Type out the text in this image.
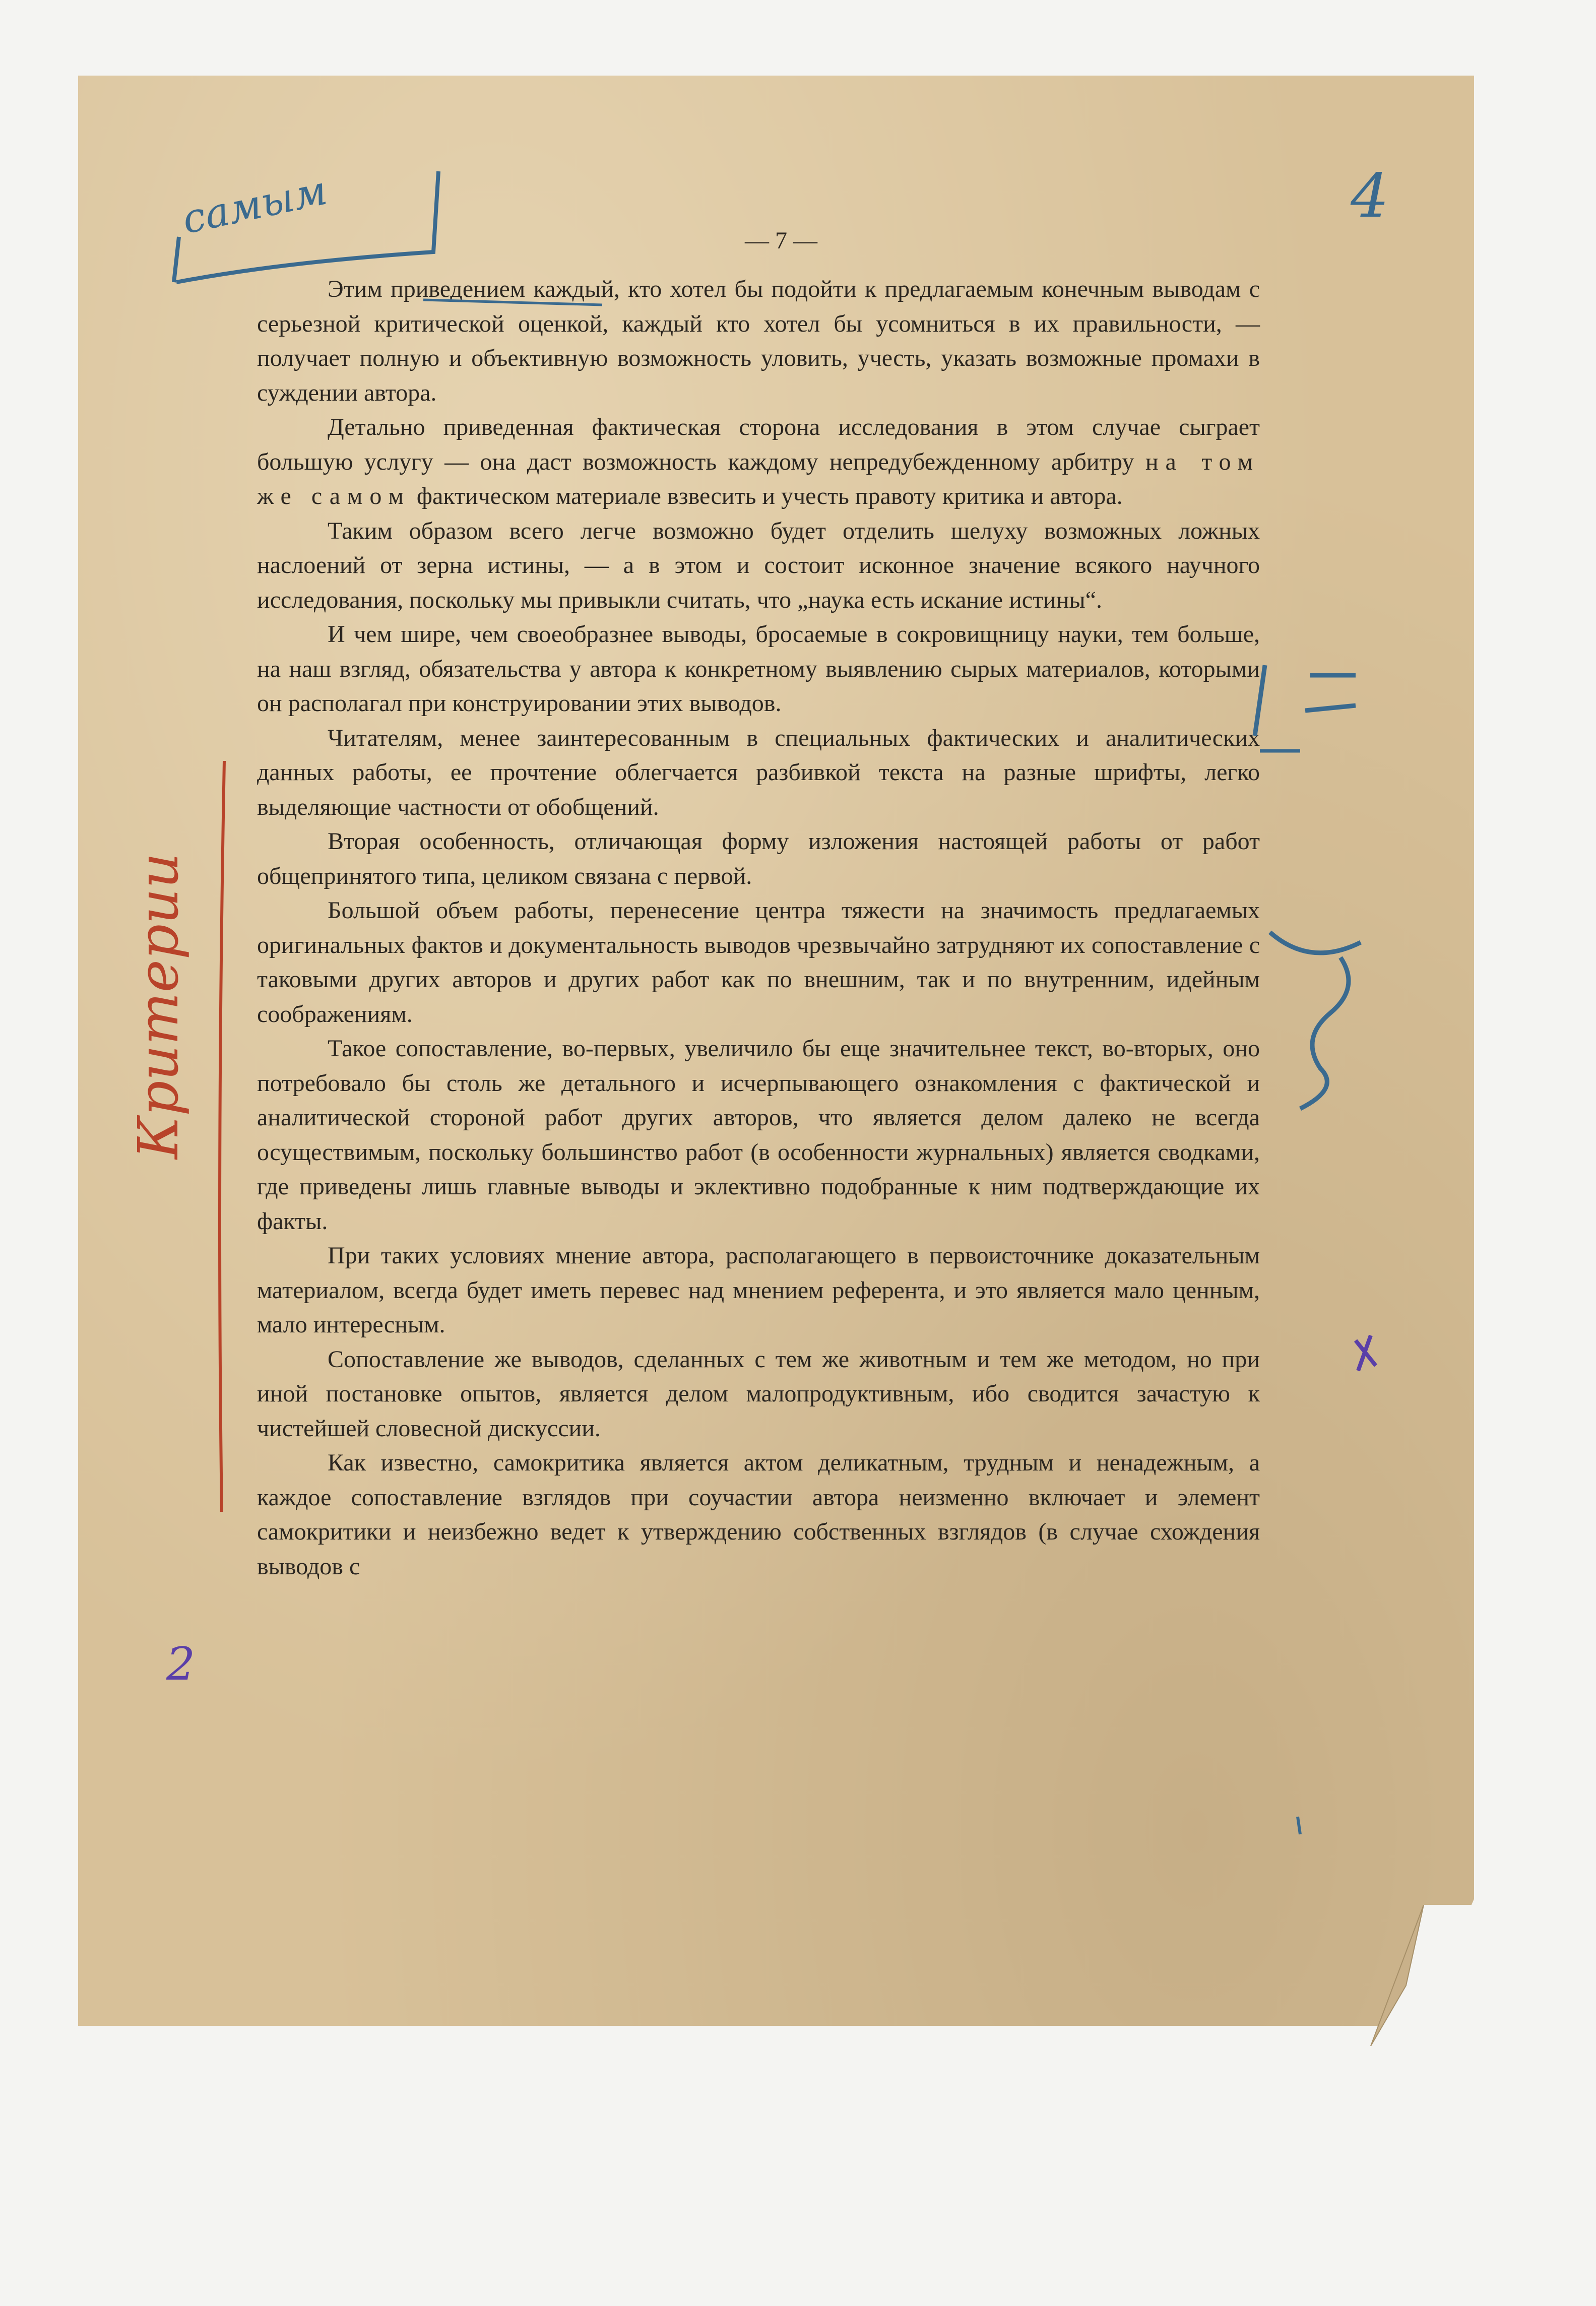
— 7 —

Этим приведением каждый, кто хотел бы подойти к предлагаемым конечным выводам с серьезной критической оценкой, каждый кто хотел бы усомниться в их правильности, — получает полную и объективную возможность уловить, учесть, указать возможные промахи в суждении автора.

Детально приведенная фактическая сторона исследования в этом случае сыграет большую услугу — она даст возможность каждому непредубежденному арбитру на том же самом фактическом материале взвесить и учесть правоту критика и автора.

Таким образом всего легче возможно будет отделить шелуху возможных ложных наслоений от зерна истины, — а в этом и состоит исконное значение всякого научного исследования, поскольку мы привыкли считать, что „наука есть искание истины“.

И чем шире, чем своеобразнее выводы, бросаемые в сокровищницу науки, тем больше, на наш взгляд, обязательства у автора к конкретному выявлению сырых материалов, которыми он располагал при конструировании этих выводов.

Читателям, менее заинтересованным в специальных фактических и аналитических данных работы, ее прочтение облегчается разбивкой текста на разные шрифты, легко выделяющие частности от обобщений.

Вторая особенность, отличающая форму изложения настоящей работы от работ общепринятого типа, целиком связана с первой.

Большой объем работы, перенесение центра тяжести на значимость предлагаемых оригинальных фактов и документальность выводов чрезвычайно затрудняют их сопоставление с таковыми других авторов и других работ как по внешним, так и по внутренним, идейным соображениям.

Такое сопоставление, во-первых, увеличило бы еще значительнее текст, во-вторых, оно потребовало бы столь же детального и исчерпывающего ознакомления с фактической и аналитической стороной работ других авторов, что является делом далеко не всегда осуществимым, поскольку большинство работ (в особенности журнальных) является сводками, где приведены лишь главные выводы и эклективно подобранные к ним подтверждающие их факты.

При таких условиях мнение автора, располагающего в первоисточнике доказательным материалом, всегда будет иметь перевес над мнением референта, и это является мало ценным, мало интересным.

Сопоставление же выводов, сделанных с тем же животным и тем же методом, но при иной постановке опытов, является делом малопродуктивным, ибо сводится зачастую к чистейшей словесной дискуссии.

Как известно, самокритика является актом деликатным, трудным и ненадежным, а каждое сопоставление взглядов при соучастии автора неизменно включает и элемент самокритики и неизбежно ведет к утверждению собственных взглядов (в случае схождения выводов с

самым	4
Критерии
2
